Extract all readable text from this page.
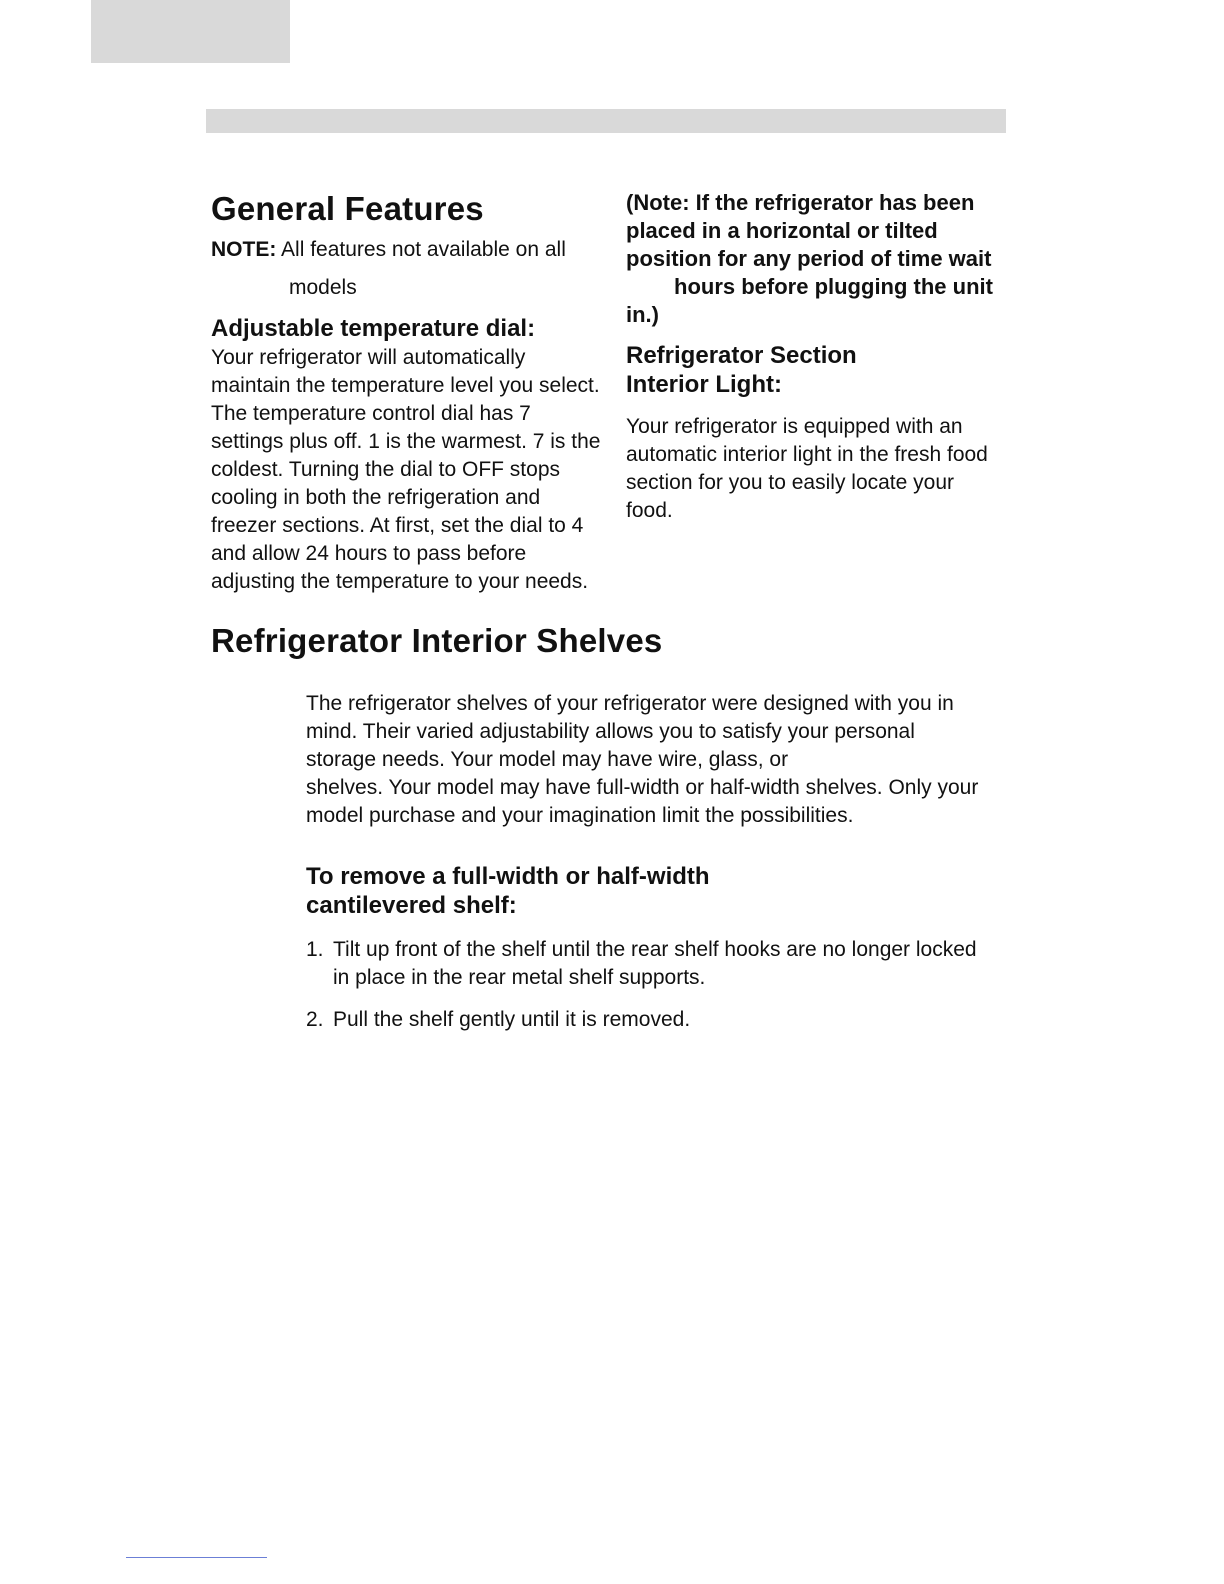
General Features
NOTE: All features not available on all
models
Adjustable temperature dial:

Your refrigerator will automatically maintain the temperature level you select. The temperature control dial has 7 settings plus off. 1 is the warmest. 7 is the coldest. Turning the dial to OFF stops cooling in both the refrigeration and freezer sections. At first, set the dial to 4 and allow 24 hours to pass before adjusting the temperature to your needs.

(Note: If the refrigerator has been placed in a horizontal or tilted position for any period of time waithours before plugging the unit in.)

Refrigerator Section
Interior Light:

Your refrigerator is equipped with an automatic interior light in the fresh food section for you to easily locate your food.

Refrigerator Interior Shelves

The refrigerator shelves of your refrigerator were designed with you in mind. Their varied adjustability allows you to satisfy your personal storage needs. Your model may have wire, glass, or

shelves. Your model may have full-width or half-width shelves. Only your model purchase and your imagination limit the possibilities.

To remove a full-width or half-width
cantilevered shelf:
1. Tilt up front of the shelf until the rear shelf hooks are no longer locked in place in the rear metal shelf supports.
2. Pull the shelf gently until it is removed.
